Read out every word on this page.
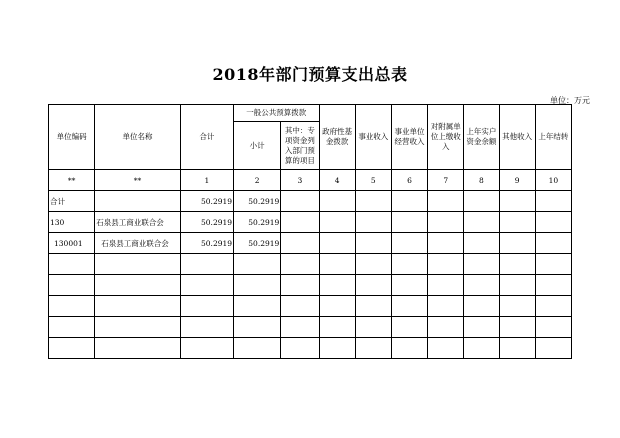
2018年部门预算支出总表
单位：万元
单位编码	单位名称	合计	一般公共预算拨款		政府性基金拨款	事业收入	事业单位经营收入	对附属单位上缴收入	上年实户资金余额	其他收入	上年结转
			小计	其中：专项资金列入部门预算的项目							
**	**	1	2	3	4	5	6	7	8	9	10
合计		50.2919	50.2919								
130	石泉县工商业联合会	50.2919	50.2919								
130001	石泉县工商业联合会	50.2919	50.2919								
